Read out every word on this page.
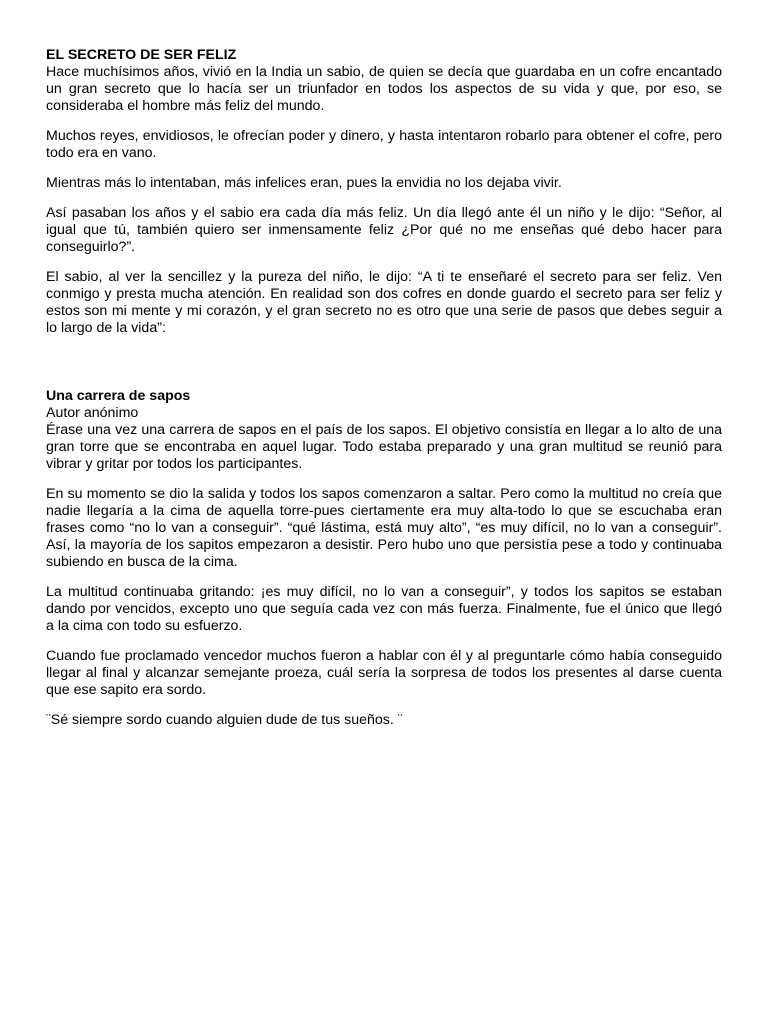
EL SECRETO DE SER FELIZ

Hace muchísimos años, vivió en la India un sabio, de quien se decía que guardaba en un cofre encantado un gran secreto que lo hacía ser un triunfador en todos los aspectos de su vida y que, por eso, se consideraba el hombre más feliz del mundo.

Muchos reyes, envidiosos, le ofrecían poder y dinero, y hasta intentaron robarlo para obtener el cofre, pero todo era en vano.

Mientras más lo intentaban, más infelices eran, pues la envidia no los dejaba vivir.

Así pasaban los años y el sabio era cada día más feliz. Un día llegó ante él un niño y le dijo: “Señor, al igual que tú, también quiero ser inmensamente feliz ¿Por qué no me enseñas qué debo hacer para conseguirlo?”.

El sabio, al ver la sencillez y la pureza del niño, le dijo: “A ti te enseñaré el secreto para ser feliz. Ven conmigo y presta mucha atención. En realidad son dos cofres en donde guardo el secreto para ser feliz y estos son mi mente y mi corazón, y el gran secreto no es otro que una serie de pasos que debes seguir a lo largo de la vida”:

Una carrera de sapos

Autor anónimo

Érase una vez una carrera de sapos en el país de los sapos. El objetivo consistía en llegar a lo alto de una gran torre que se encontraba en aquel lugar. Todo estaba preparado y una gran multitud se reunió para vibrar y gritar por todos los participantes.

En su momento se dio la salida y todos los sapos comenzaron a saltar. Pero como la multitud no creía que nadie llegaría a la cima de aquella torre-pues ciertamente era muy alta-todo lo que se escuchaba eran frases como “no lo van a conseguir”. “qué lástima, está muy alto”, “es muy difícil, no lo van a conseguir”. Así, la mayoría de los sapitos empezaron a desistir. Pero hubo uno que persistía pese a todo y continuaba subiendo en busca de la cima.

La multitud continuaba gritando: ¡es muy difícil, no lo van a conseguir”, y todos los sapitos se estaban dando por vencidos, excepto uno que seguía cada vez con más fuerza. Finalmente, fue el único que llegó a la cima con todo su esfuerzo.

Cuando fue proclamado vencedor muchos fueron a hablar con él y al preguntarle cómo había conseguido llegar al final y alcanzar semejante proeza, cuál sería la sorpresa de todos los presentes al darse cuenta que ese sapito era sordo.

¨Sé siempre sordo cuando alguien dude de tus sueños. ¨
